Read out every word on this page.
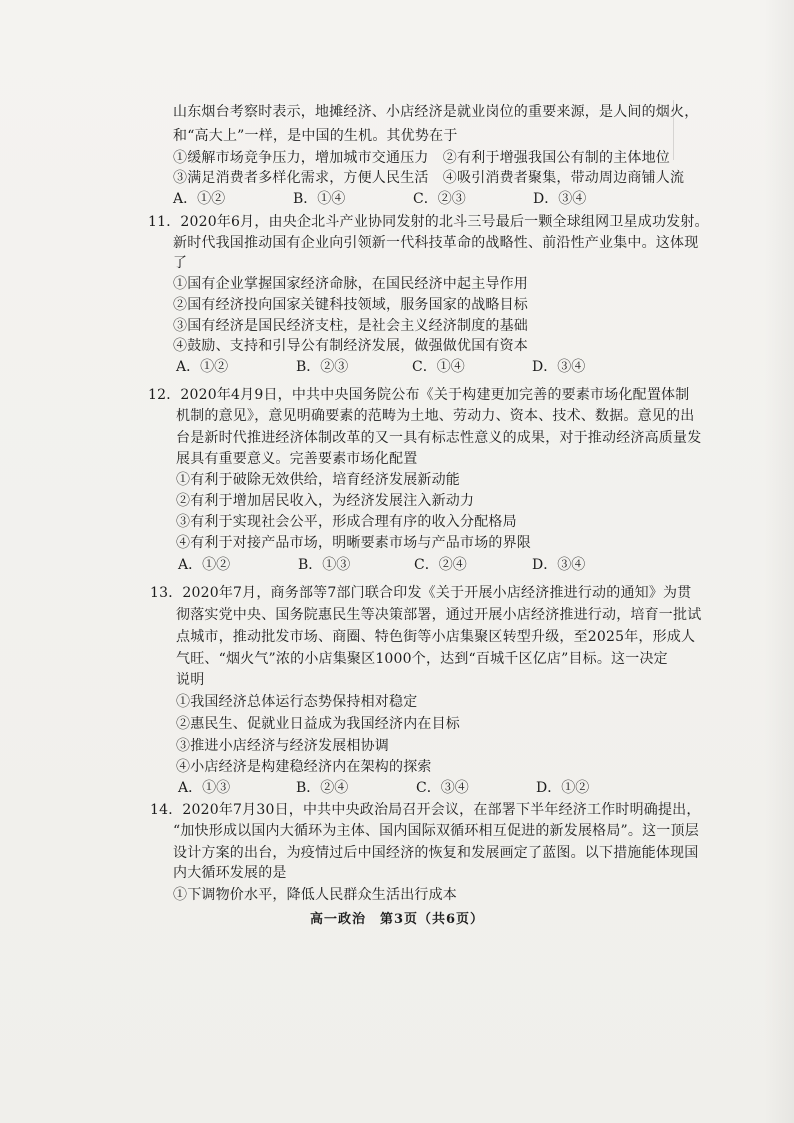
山东烟台考察时表示，地摊经济、小店经济是就业岗位的重要来源，是人间的烟火，
和“高大上”一样，是中国的生机。其优势在于
①缓解市场竞争压力，增加城市交通压力　②有利于增强我国公有制的主体地位
③满足消费者多样化需求，方便人民生活　④吸引消费者聚集，带动周边商铺人流
A．①②	B．①④	C．②③	D．③④
11．2020年6月，由央企北斗产业协同发射的北斗三号最后一颗全球组网卫星成功发射。
新时代我国推动国有企业向引领新一代科技革命的战略性、前沿性产业集中。这体现
了
①国有企业掌握国家经济命脉，在国民经济中起主导作用
②国有经济投向国家关键科技领域，服务国家的战略目标
③国有经济是国民经济支柱，是社会主义经济制度的基础
④鼓励、支持和引导公有制经济发展，做强做优国有资本
A．①②	B．②③	C．①④	D．③④
12．2020年4月9日，中共中央国务院公布《关于构建更加完善的要素市场化配置体制
机制的意见》，意见明确要素的范畴为土地、劳动力、资本、技术、数据。意见的出
台是新时代推进经济体制改革的又一具有标志性意义的成果，对于推动经济高质量发
展具有重要意义。完善要素市场化配置
①有利于破除无效供给，培育经济发展新动能
②有利于增加居民收入，为经济发展注入新动力
③有利于实现社会公平，形成合理有序的收入分配格局
④有利于对接产品市场，明晰要素市场与产品市场的界限
A．①②	B．①③	C．②④	D．③④
13．2020年7月，商务部等7部门联合印发《关于开展小店经济推进行动的通知》为贯
彻落实党中央、国务院惠民生等决策部署，通过开展小店经济推进行动，培育一批试
点城市，推动批发市场、商圈、特色街等小店集聚区转型升级，至2025年，形成人
气旺、“烟火气”浓的小店集聚区1000个，达到“百城千区亿店”目标。这一决定
说明
①我国经济总体运行态势保持相对稳定
②惠民生、促就业日益成为我国经济内在目标
③推进小店经济与经济发展相协调
④小店经济是构建稳经济内在架构的探索
A．①③	B．②④	C．③④	D．①②
14．2020年7月30日，中共中央政治局召开会议，在部署下半年经济工作时明确提出，
“加快形成以国内大循环为主体、国内国际双循环相互促进的新发展格局”。这一顶层
设计方案的出台，为疫情过后中国经济的恢复和发展画定了蓝图。以下措施能体现国
内大循环发展的是
①下调物价水平，降低人民群众生活出行成本
高一政治　第3页（共6页）
